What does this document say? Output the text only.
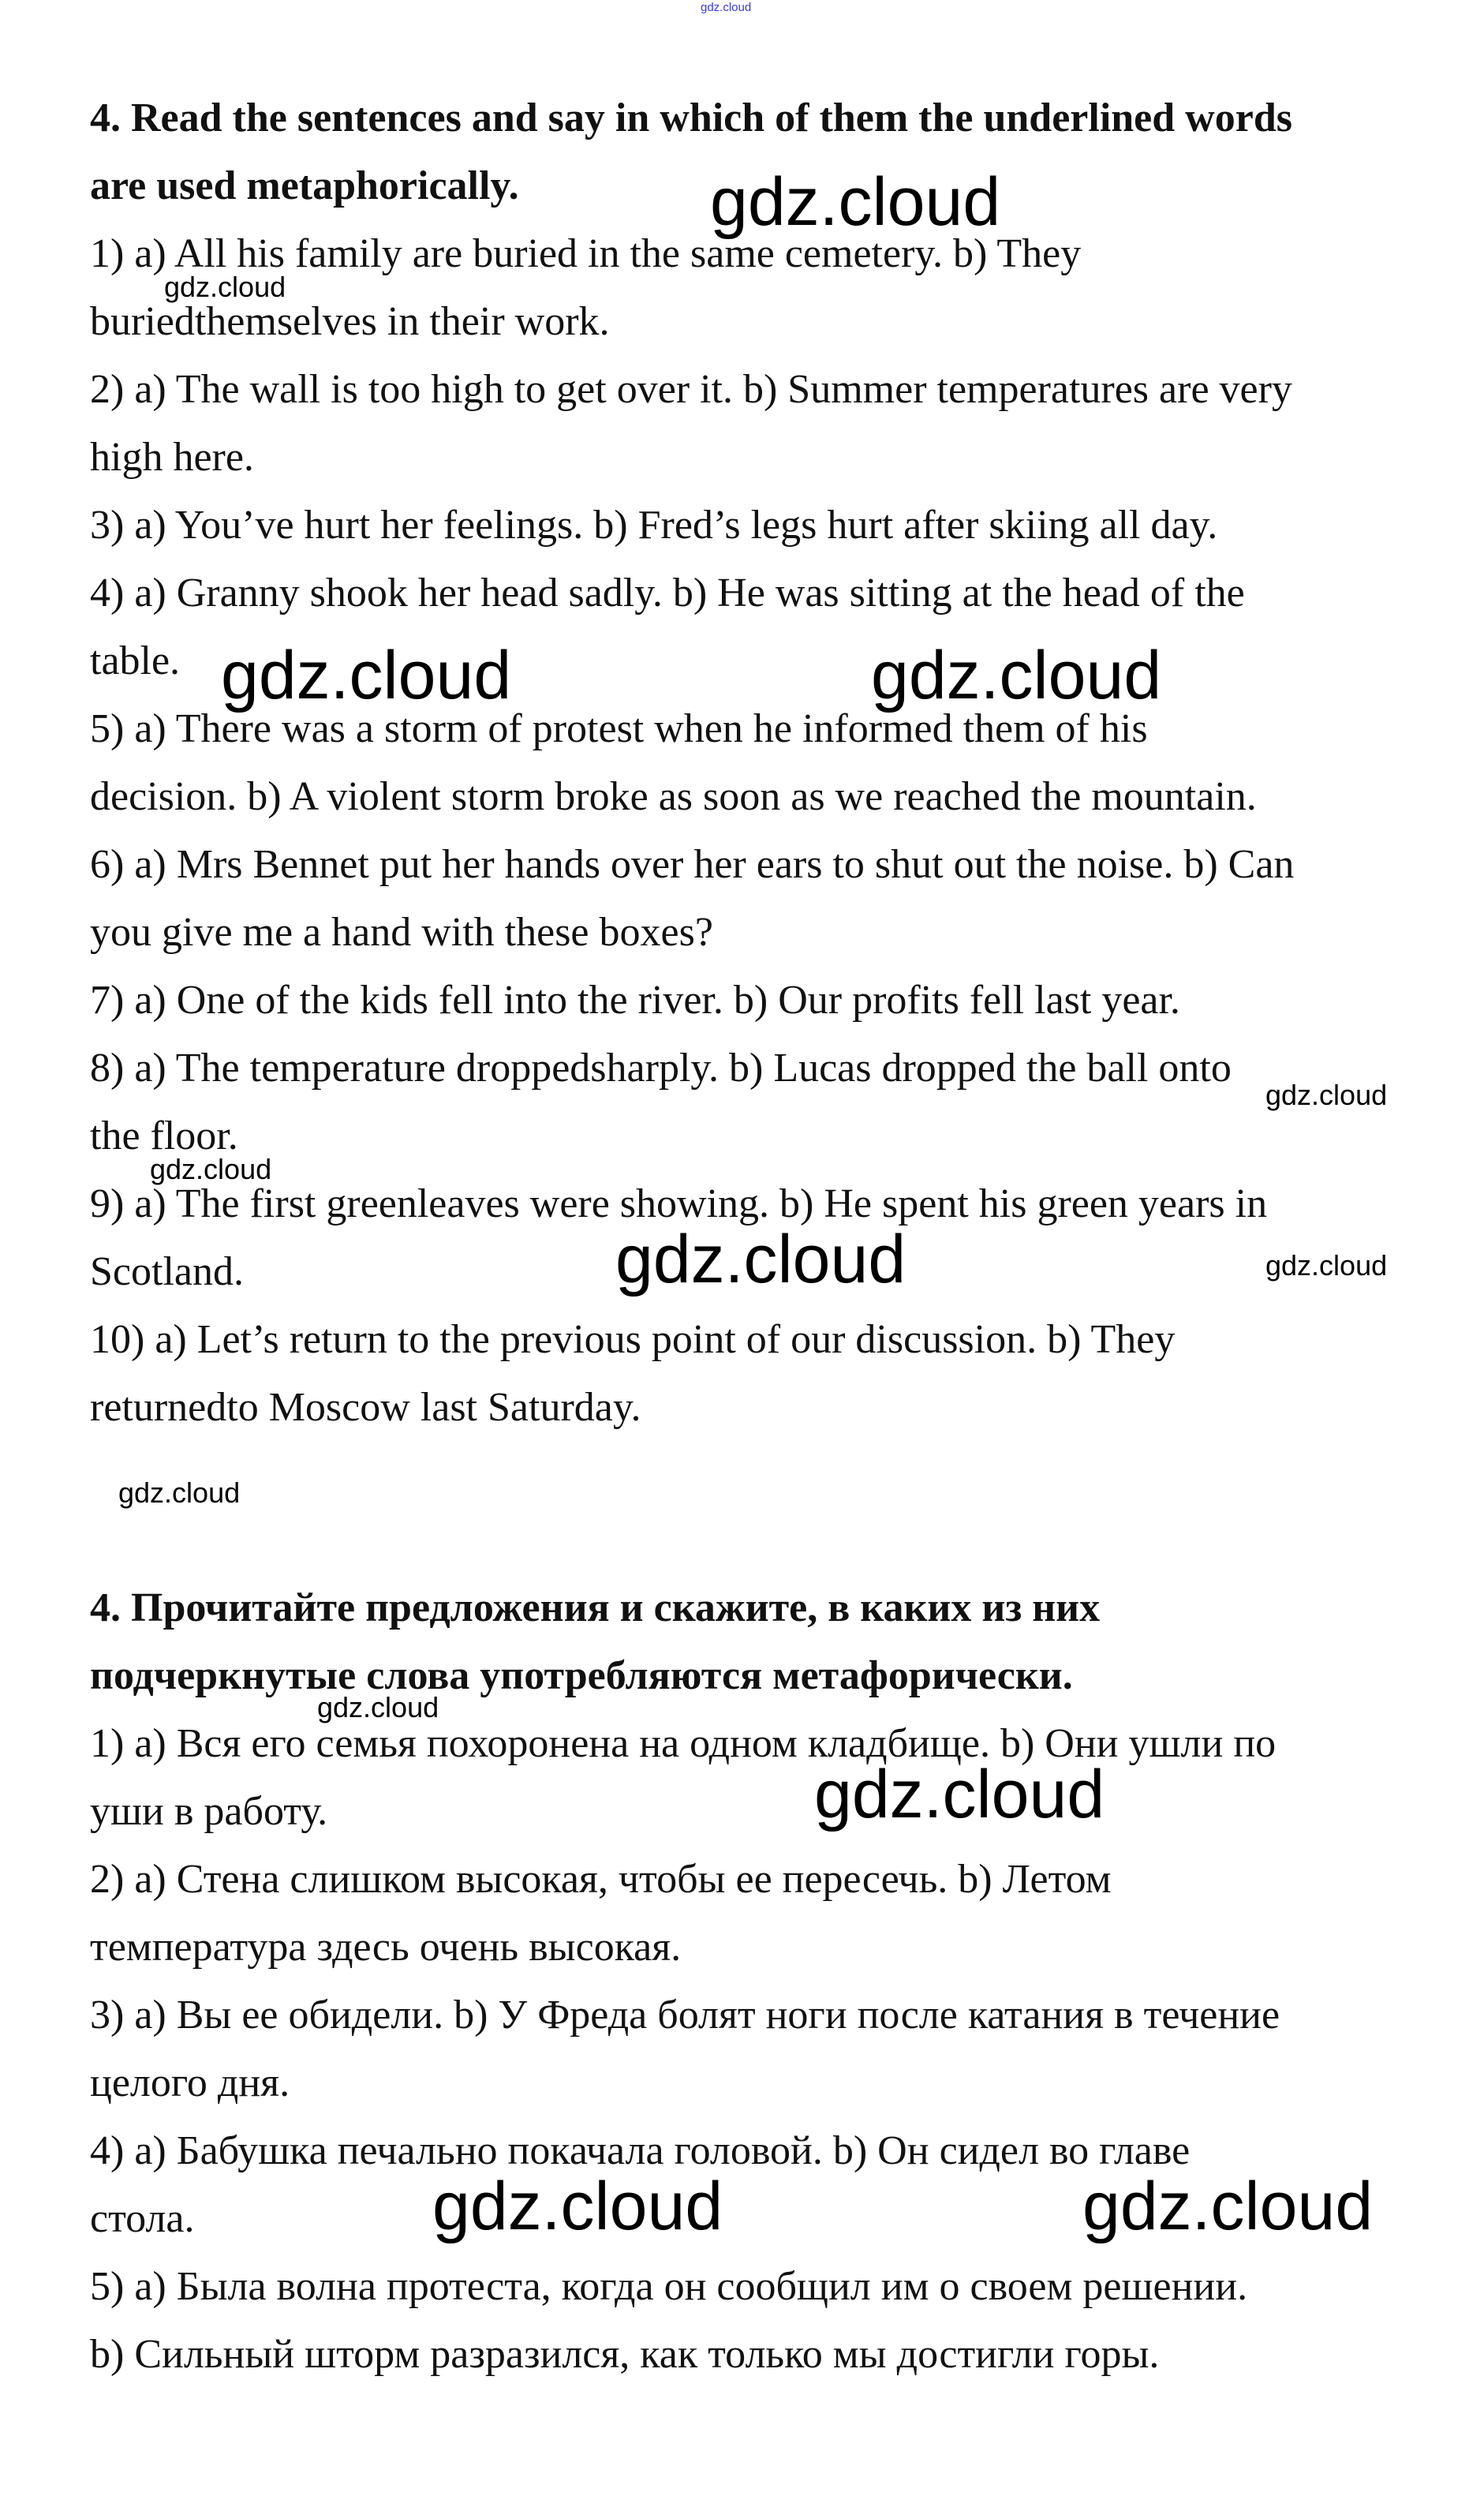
gdz.cloud
4. Read the sentences and say in which of them the underlined words
are used metaphorically.
1) a) All his family are buried in the same cemetery. b) They
buriedthemselves in their work.
2) a) The wall is too high to get over it. b) Summer temperatures are very
high here.
3) a) You’ve hurt her feelings. b) Fred’s legs hurt after skiing all day.
4) a) Granny shook her head sadly. b) He was sitting at the head of the
table.
5) a) There was a storm of protest when he informed them of his
decision. b) A violent storm broke as soon as we reached the mountain.
6) a) Mrs Bennet put her hands over her ears to shut out the noise. b) Can
you give me a hand with these boxes?
7) a) One of the kids fell into the river. b) Our profits fell last year.
8) a) The temperature droppedsharply. b) Lucas dropped the ball onto
the floor.
9) a) The first greenleaves were showing. b) He spent his green years in
Scotland.
10) a) Let’s return to the previous point of our discussion. b) They
returnedto Moscow last Saturday.
4. Прочитайте предложения и скажите, в каких из них
подчеркнутые слова употребляются метафорически.
1) a) Вся его семья похоронена на одном кладбище. b) Они ушли по
уши в работу.
2) a) Стена слишком высокая, чтобы ее пересечь. b) Летом
температура здесь очень высокая.
3) a) Вы ее обидели. b) У Фреда болят ноги после катания в течение
целого дня.
4) a) Бабушка печально покачала головой. b) Он сидел во главе
стола.
5) a) Была волна протеста, когда он сообщил им о своем решении.
b) Сильный шторм разразился, как только мы достигли горы.
gdz.cloud
gdz.cloud	gdz.cloud
gdz.cloud
gdz.cloud
gdz.cloud	gdz.cloud
gdz.cloud
gdz.cloud
gdz.cloud
gdz.cloud
gdz.cloud
gdz.cloud
